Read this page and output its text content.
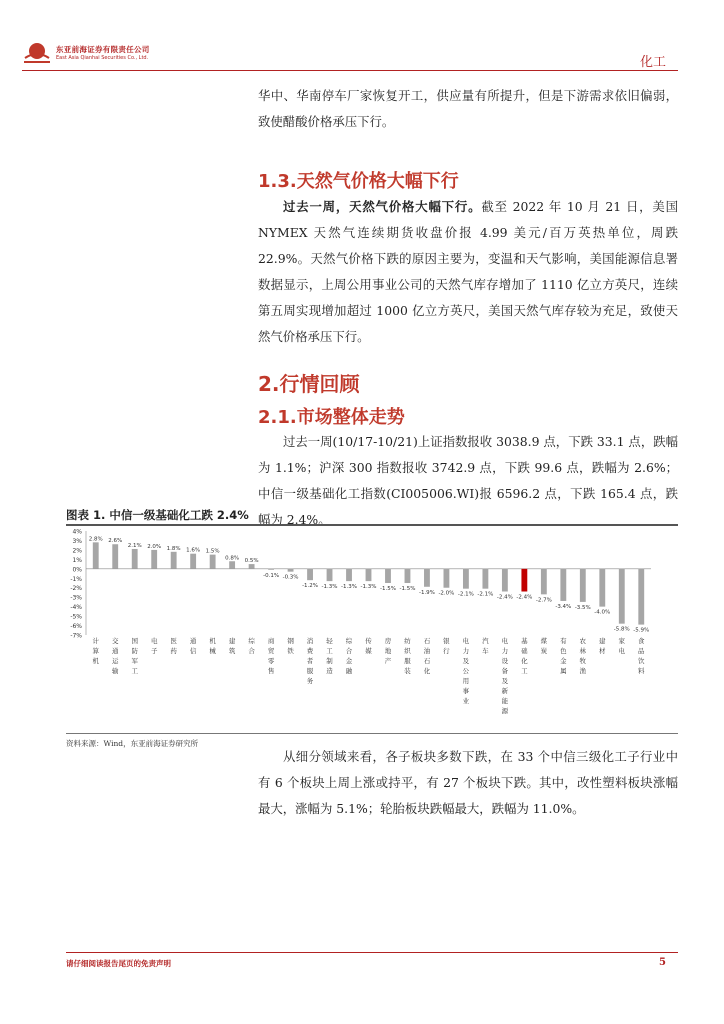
东亚前海证券有限责任公司
East Asia Qianhai Securities Co., Ltd.	化工

华中、华南停车厂家恢复开工，供应量有所提升，但是下游需求依旧偏弱，致使醋酸价格承压下行。

1.3.天然气价格大幅下行

过去一周，天然气价格大幅下行。截至 2022 年 10 月 21 日，美国 NYMEX 天然气连续期货收盘价报 4.99 美元/百万英热单位，周跌 22.9%。天然气价格下跌的原因主要为，变温和天气影响，美国能源信息署数据显示，上周公用事业公司的天然气库存增加了 1110 亿立方英尺，连续第五周实现增加超过 1000 亿立方英尺，美国天然气库存较为充足，致使天然气价格承压下行。

2.行情回顾
2.1.市场整体走势

过去一周(10/17-10/21)上证指数报收 3038.9 点，下跌 33.1 点，跌幅为 1.1%；沪深 300 指数报收 3742.9 点，下跌 99.6 点，跌幅为 2.6%；中信一级基础化工指数(CI005006.WI)报 6596.2 点，下跌 165.4 点，跌幅为 2.4%。

图表 1. 中信一级基础化工跌 2.4%
4%
3%
2%
1%
0%
-1%
-2%
-3%
-4%
-5%
-6%
-7%
2.8%
计算机
2.6%
交通运输
2.1%
国防军工
2.0%
电子
1.8%
医药
1.6%
通信
1.5%
机械
0.8%
建筑
0.5%
综合
-0.1%
商贸零售
-0.3%
钢铁
-1.2%
消费者服务
-1.3%
轻工制造
-1.3%
综合金融
-1.3%
传媒
-1.5%
房地产
-1.5%
纺织服装
-1.9%
石油石化
-2.0%
银行
-2.1%
电力及公用事业
-2.1%
汽车
-2.4%
电力设备及新能源
-2.4%
基础化工
-2.7%
煤炭
-3.4%
有色金属
-3.5%
农林牧渔
-4.0%
建材
-5.8%
家电
-5.9%
食品饮料
资料来源：Wind，东亚前海证券研究所

从细分领域来看，各子板块多数下跌，在 33 个中信三级化工子行业中有 6 个板块上周上涨或持平，有 27 个板块下跌。其中，改性塑料板块涨幅最大，涨幅为 5.1%；轮胎板块跌幅最大，跌幅为 11.0%。

请仔细阅读报告尾页的免责声明	5
